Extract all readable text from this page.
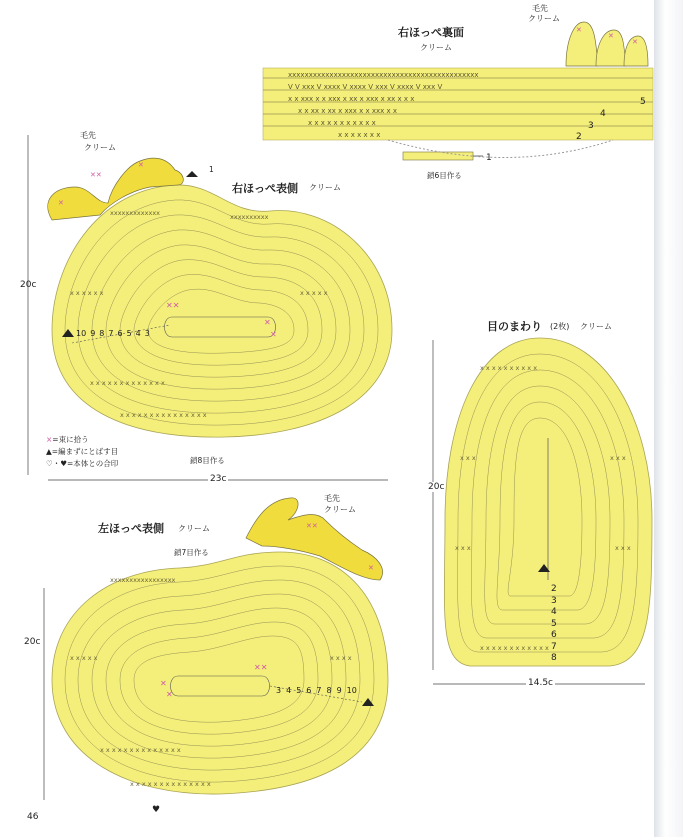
xxxxxxxxxxxxxxxxxxxxxxxxxxxxxxxxxxxxxxxxxxxxxx
V V xxx V xxxx V xxxx V xxx V xxxx V xxx V
x x xxx x x xxx x xx x xxx x xx x x x
x x xx x xx x xxx x x xxx x x
x x x x x x x x x x x
x x x x x x x
✕
✕
✕
右ほっぺ裏面
クリーム
毛先
クリーム
鎖6目作る
5
4
3
2
1
xxxxxxxxxxxxx	xxxxxxxxxx
x x x x x x	x x x x x
x x x x x x x x x x x x x
x x x x x x x x x x x x x x x
✕✕
✕
✕
✕
✕✕
✕
右ほっぺ表側 クリーム
毛先
クリーム
1
10 9 8 7 6 5 4 3
鎖8目作る
20c
23c
×=束に拾う
▲=編まずにとばす目
♡・♥=本体との合印
x x x x x x x x x x
x x x	x x x
x x x	x x x
x x x x x x x x x x x x
目のまわり (2枚) クリーム
20c
14.5c
2
3
4
5
6
7
8
xxxxxxxxxxxxxxxxx
x x x x x	x x x x
x x x x x x x x x x x x x x
x x x x x x x x x x x x x x
✕
✕
✕✕
✕✕
✕
♥
左ほっぺ表側 クリーム
毛先
クリーム
鎖7目作る
20c
3 4 5 6 7 8 9 10
46
